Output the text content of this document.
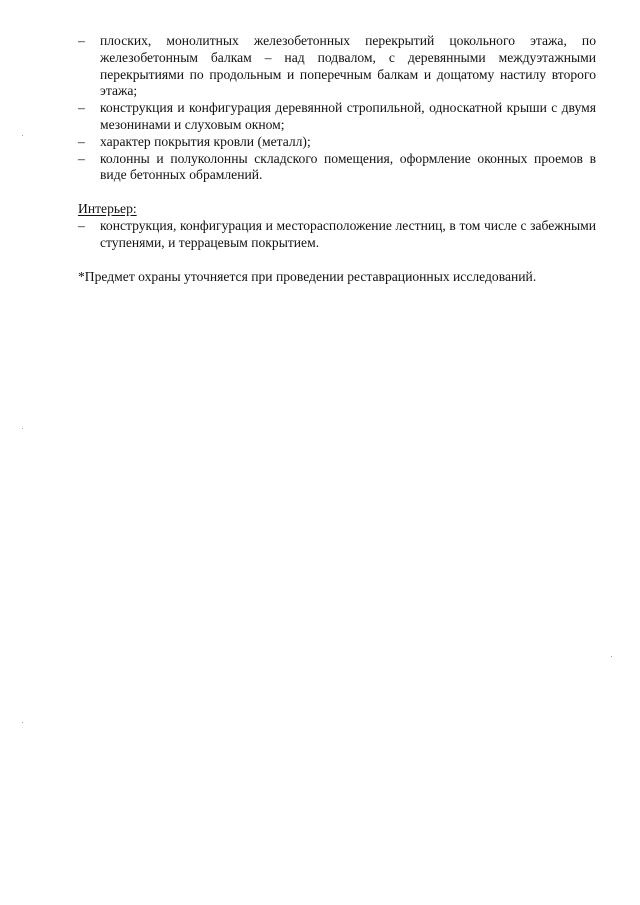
– плоских, монолитных железобетонных перекрытий цокольного этажа, по железобетонным балкам – над подвалом, с деревянными междуэтажными перекрытиями по продольным и поперечным балкам и дощатому настилу второго этажа;
– конструкция и конфигурация деревянной стропильной, односкатной крыши с двумя мезонинами и слуховым окном;
– характер покрытия кровли (металл);
– колонны и полуколонны складского помещения, оформление оконных проемов в виде бетонных обрамлений.
Интерьер:
– конструкция, конфигурация и месторасположение лестниц, в том числе с забежными ступенями, и террацевым покрытием.

*Предмет охраны уточняется при проведении реставрационных исследований.
